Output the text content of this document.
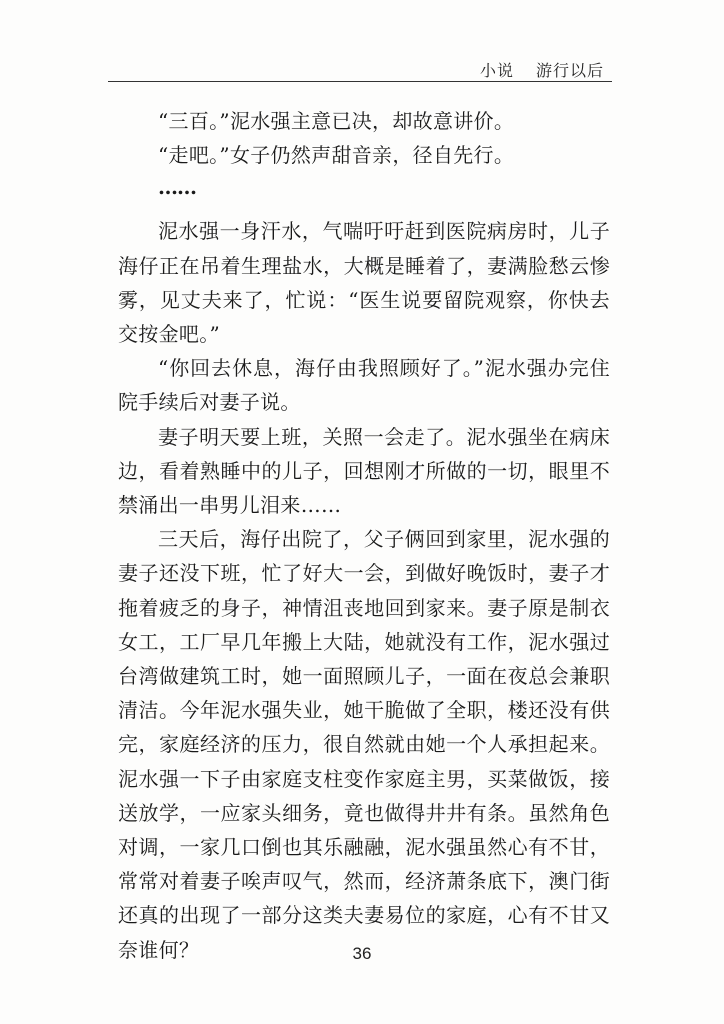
小说 游行以后

“三百。”泥水强主意已决，却故意讲价。

“走吧。”女子仍然声甜音亲，径自先行。

……

泥水强一身汗水，气喘吁吁赶到医院病房时，儿子海仔正在吊着生理盐水，大概是睡着了，妻满脸愁云惨雾，见丈夫来了，忙说：“医生说要留院观察，你快去交按金吧。”

“你回去休息，海仔由我照顾好了。”泥水强办完住院手续后对妻子说。

妻子明天要上班，关照一会走了。泥水强坐在病床边，看着熟睡中的儿子，回想刚才所做的一切，眼里不禁涌出一串男儿泪来……

三天后，海仔出院了，父子俩回到家里，泥水强的妻子还没下班，忙了好大一会，到做好晚饭时，妻子才拖着疲乏的身子，神情沮丧地回到家来。妻子原是制衣女工，工厂早几年搬上大陆，她就没有工作，泥水强过台湾做建筑工时，她一面照顾儿子，一面在夜总会兼职清洁。今年泥水强失业，她干脆做了全职，楼还没有供完，家庭经济的压力，很自然就由她一个人承担起来。泥水强一下子由家庭支柱变作家庭主男，买菜做饭，接送放学，一应家头细务，竟也做得井井有条。虽然角色对调，一家几口倒也其乐融融，泥水强虽然心有不甘，常常对着妻子唉声叹气，然而，经济萧条底下，澳门街还真的出现了一部分这类夫妻易位的家庭，心有不甘又奈谁何？	36
